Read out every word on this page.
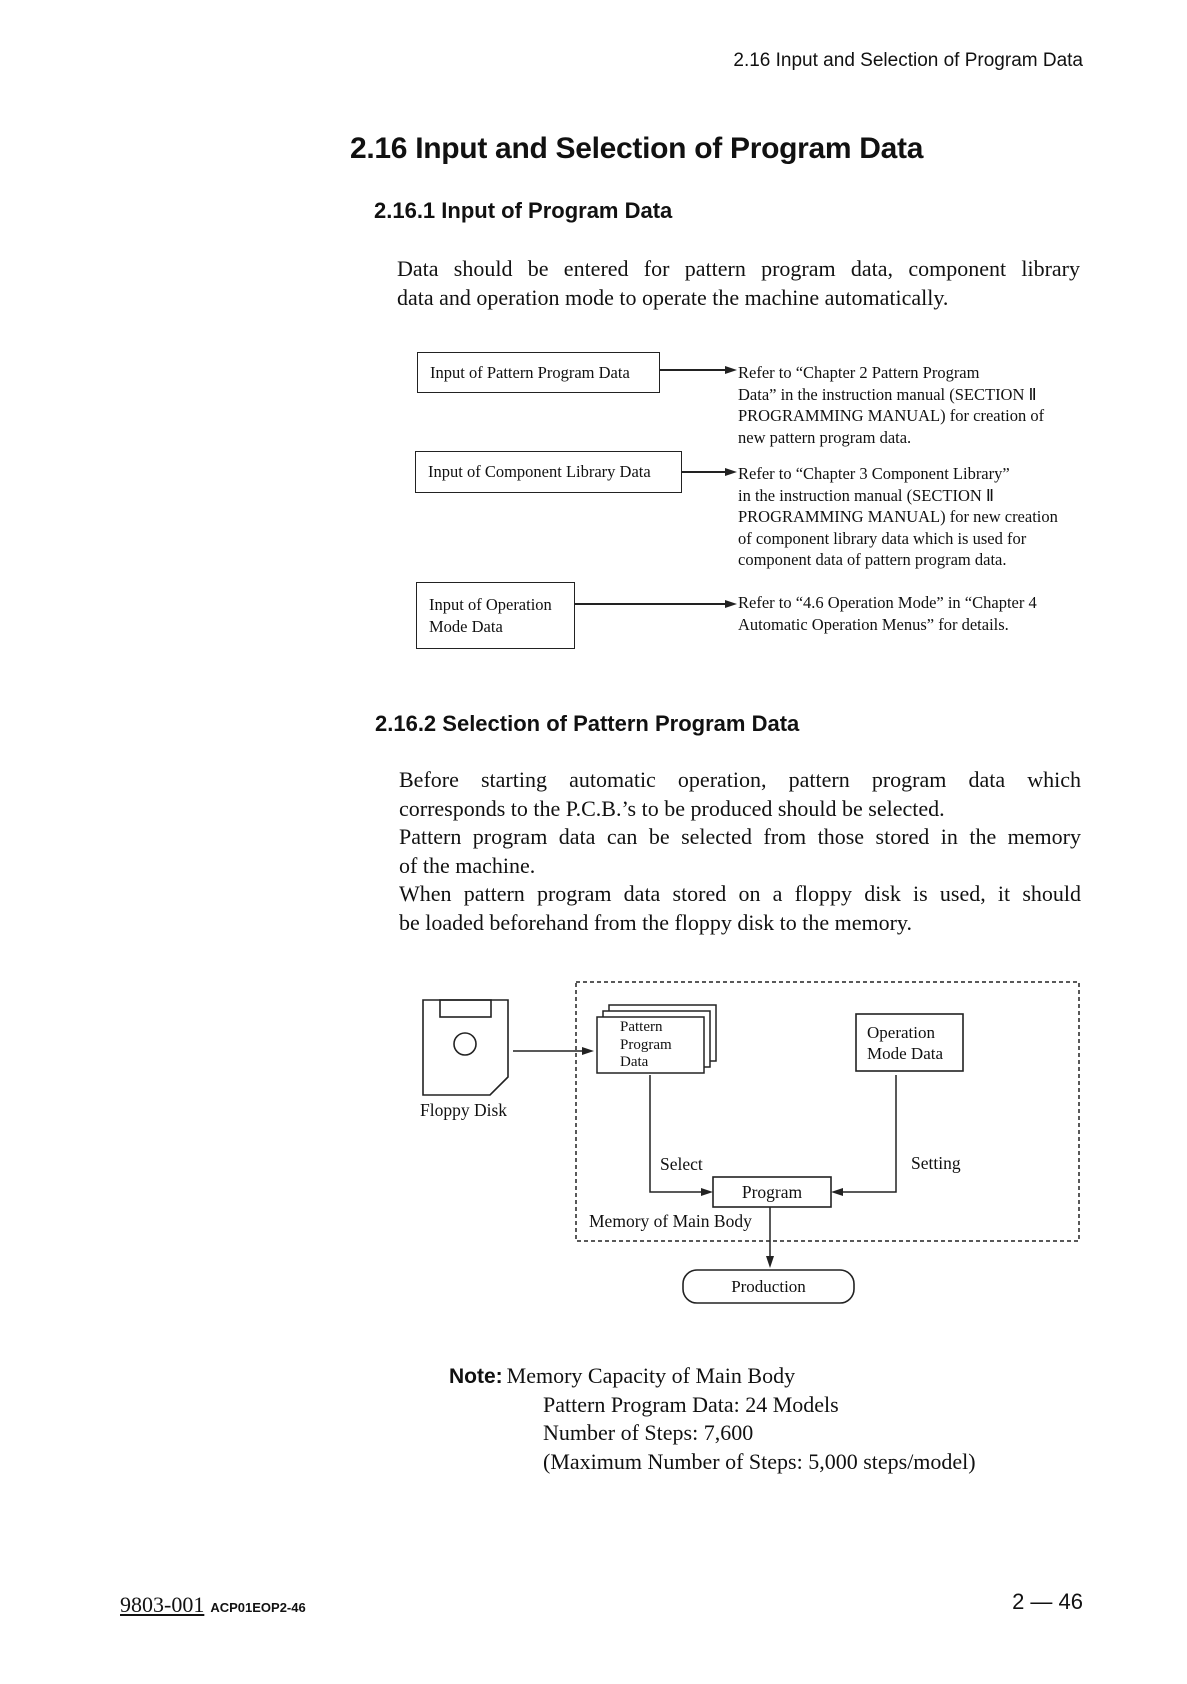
2.16 Input and Selection of Program Data
2.16 Input and Selection of Program Data
2.16.1 Input of Program Data
Data should be entered for pattern program data, component library
data and operation mode to operate the machine automatically.
Input of Pattern Program Data	Refer to “Chapter 2 Pattern Program
Data” in the instruction manual (SECTION Ⅱ
PROGRAMMING MANUAL) for creation of
new pattern program data.
Input of Component Library Data	Refer to “Chapter 3 Component Library”
in the instruction manual (SECTION Ⅱ
PROGRAMMING MANUAL) for new creation
of component library data which is used for
component data of pattern program data.
Input of Operation
Mode Data
Refer to “4.6 Operation Mode” in “Chapter 4
Automatic Operation Menus” for details.
2.16.2 Selection of Pattern Program Data
Before starting automatic operation, pattern program data which
corresponds to the P.C.B.’s to be produced should be selected.
Pattern program data can be selected from those stored in the memory
of the machine.
When pattern program data stored on a floppy disk is used, it should
be loaded beforehand from the floppy disk to the memory.
Floppy Disk
Pattern
Program
Data
Operation
Mode Data
Select	Setting
Program
Memory of Main Body
Production
Note: Memory Capacity of Main Body
Pattern Program Data: 24 Models
Number of Steps: 7,600
(Maximum Number of Steps: 5,000 steps/model)
9803-001 ACP01EOP2-46	2 — 46
